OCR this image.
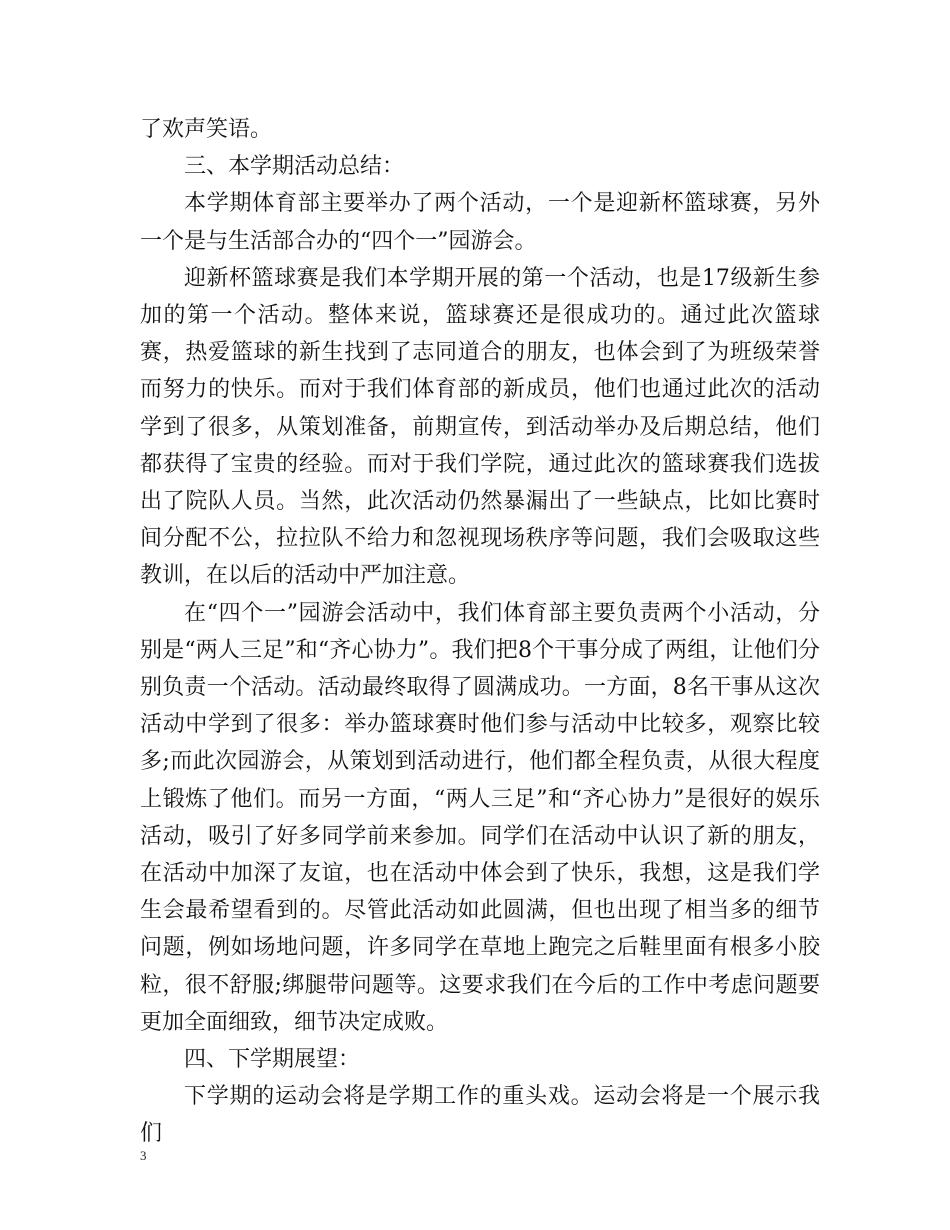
了欢声笑语。

三、本学期活动总结：

本学期体育部主要举办了两个活动，一个是迎新杯篮球赛，另外一个是与生活部合办的“四个一”园游会。

迎新杯篮球赛是我们本学期开展的第一个活动，也是17级新生参加的第一个活动。整体来说，篮球赛还是很成功的。通过此次篮球赛，热爱篮球的新生找到了志同道合的朋友，也体会到了为班级荣誉而努力的快乐。而对于我们体育部的新成员，他们也通过此次的活动学到了很多，从策划准备，前期宣传，到活动举办及后期总结，他们都获得了宝贵的经验。而对于我们学院，通过此次的篮球赛我们选拔出了院队人员。当然，此次活动仍然暴漏出了一些缺点，比如比赛时间分配不公，拉拉队不给力和忽视现场秩序等问题，我们会吸取这些教训，在以后的活动中严加注意。

在“四个一”园游会活动中，我们体育部主要负责两个小活动，分别是“两人三足”和“齐心协力”。我们把8个干事分成了两组，让他们分别负责一个活动。活动最终取得了圆满成功。一方面，8名干事从这次活动中学到了很多：举办篮球赛时他们参与活动中比较多，观察比较多;而此次园游会，从策划到活动进行，他们都全程负责，从很大程度上锻炼了他们。而另一方面，“两人三足”和“齐心协力”是很好的娱乐活动，吸引了好多同学前来参加。同学们在活动中认识了新的朋友，在活动中加深了友谊，也在活动中体会到了快乐，我想，这是我们学生会最希望看到的。尽管此活动如此圆满，但也出现了相当多的细节问题，例如场地问题，许多同学在草地上跑完之后鞋里面有根多小胶粒，很不舒服;绑腿带问题等。这要求我们在今后的工作中考虑问题要更加全面细致，细节决定成败。

四、下学期展望：

下学期的运动会将是学期工作的重头戏。运动会将是一个展示我们

3
